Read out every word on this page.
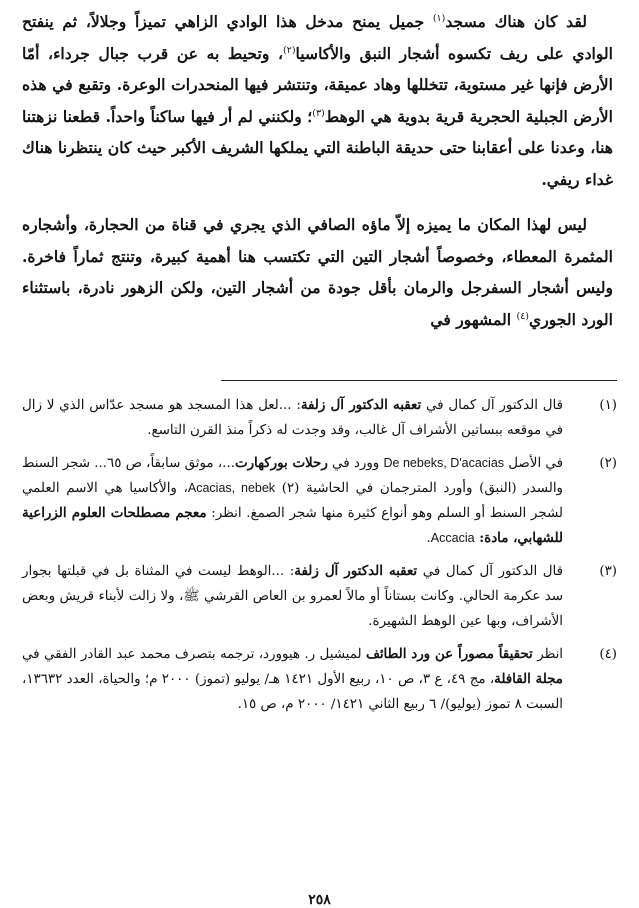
لقد كان هناك مسجد$^{(١)}$ جميل يمنح مدخل هذا الوادي الزاهي تميزاً وجلالاً، ثم ينفتح الوادي على ريف تكسوه أشجار النبق والأكاسيا$^{(٢)}$، وتحيط به عن قرب جبال جرداء، أمّا الأرض فإنها غير مستوية، تتخللها وهاد عميقة، وتنتشر فيها المنحدرات الوعرة. وتقبع في هذه الأرض الجبلية الحجرية قرية بدوية هي الوهط$^{(٣)}$؛ ولكنني لم أر فيها ساكناً واحداً. قطعنا نزهتنا هنا، وعدنا على أعقابنا حتى حديقة الباطنة التي يملكها الشريف الأكبر حيث كان ينتظرنا هناك غداء ريفي.

ليس لهذا المكان ما يميزه إلاّ ماؤه الصافي الذي يجري في قناة من الحجارة، وأشجاره المثمرة المعطاء، وخصوصاً أشجار التين التي تكتسب هنا أهمية كبيرة، وتنتج ثماراً فاخرة. وليس أشجار السفرجل والرمان بأقل جودة من أشجار التين، ولكن الزهور نادرة، باستثناء الورد الجوري$^{(٤)}$ المشهور في

(١)
قال الدكتور آل كمال في تعقبه الدكتور آل زلفة: ...لعل هذا المسجد هو مسجد عدّاس الذي لا زال في موقعه ببساتين الأشراف آل غالب، وقد وجدت له ذكراً منذ القرن التاسع.
(٢)
في الأصل De nebeks, D'acacias وورد في رحلات بوركهارت...، موثق سابقاً، ص ٦٥... شجر السنط والسدر (النبق) وأورد المترجمان في الحاشية (٢) Acacias, nebek، والأكاسيا هي الاسم العلمي لشجر السنط أو السلم وهو أنواع كثيرة منها شجر الصمغ. انظر: معجم مصطلحات العلوم الزراعية للشهابي، مادة: Accacia.
(٣)
قال الدكتور آل كمال في تعقبه الدكتور آل زلفة: ...الوهط ليست في المثناة بل في قبلتها بجوار سد عكرمة الحالي. وكانت بستاناً أو مالاً لعمرو بن العاص القرشي ﷺ، ولا زالت لأبناء قريش وبعض الأشراف، وبها عين الوهط الشهيرة.
(٤)
انظر تحقيقاً مصوراً عن ورد الطائف لميشيل ر. هيوورد، ترجمه بتصرف محمد عبد القادر الفقي في مجلة القافلة، مج ٤٩، ع ٣، ص ١٠، ربيع الأول ١٤٢١ هـ/ يوليو (تموز) ٢٠٠٠ م؛ والحياة، العدد ١٣٦٣٢، السبت ٨ تموز (يوليو)/ ٦ ربيع الثاني ١٤٢١/ ٢٠٠٠ م، ص ١٥.
٢٥٨
